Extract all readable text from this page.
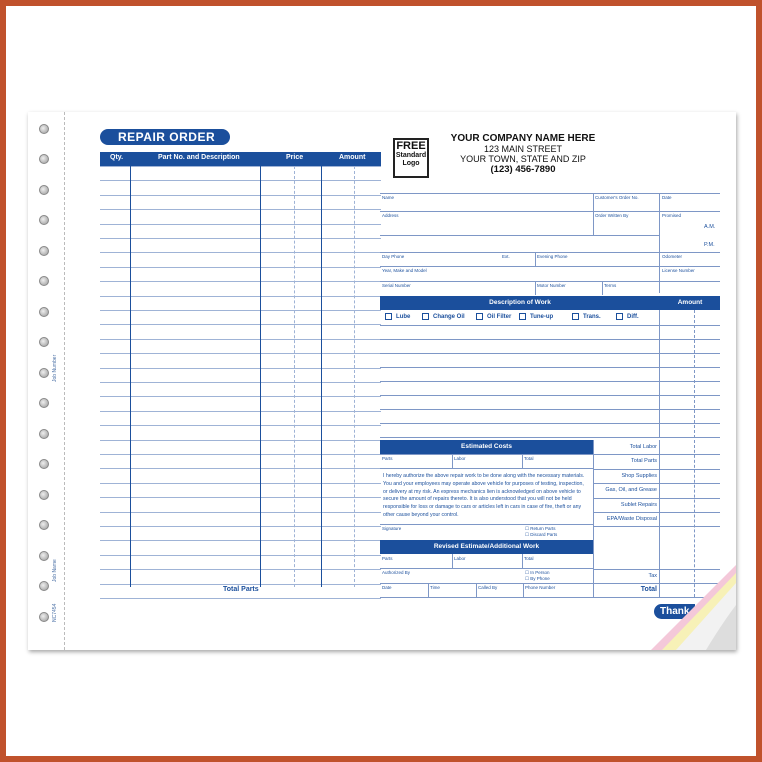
Job Number
Job Name
NC7454
REPAIR ORDER
Qty.	Part No. and Description	Price	Amount
Total Parts
FREE
Standard
Logo
YOUR COMPANY NAME HERE
123 MAIN STREET
YOUR TOWN, STATE AND ZIP
(123) 456-7890
Name	Customer's Order No.	Date
Address	Order Written By	Promised
A.M.
P.M.
Day Phone	Ext.	Evening Phone	Odometer
Year, Make and Model	License Number
Serial Number	Motor Number	Terms
Description of Work	Amount
Lube	Change Oil	Oil Filter	Tune-up	Trans.	Diff.
Estimated Costs
Parts	Labor	Total
I hereby authorize the above repair work to be done along with the necessary materials. You and your employees may operate above vehicle for purposes of testing, inspection, or delivery at my risk. An express mechanics lien is acknowledged on above vehicle to secure the amount of repairs thereto. It is also understood that you will not be held responsible for loss or damage to cars or articles left in cars in case of fire, theft or any other cause beyond your control.
Signature	☐ Return Parts
☐ Discard Parts
Revised Estimate/Additional Work
Parts	Labor	Total
Authorized By	☐ In Person
☐ By Phone
Date	Time	Called By	Phone Number
Total Labor
Total Parts
Shop Supplies
Gas, Oil, and Grease
Sublet Repairs
EPA/Waste Disposal
Tax
Total
Thank
